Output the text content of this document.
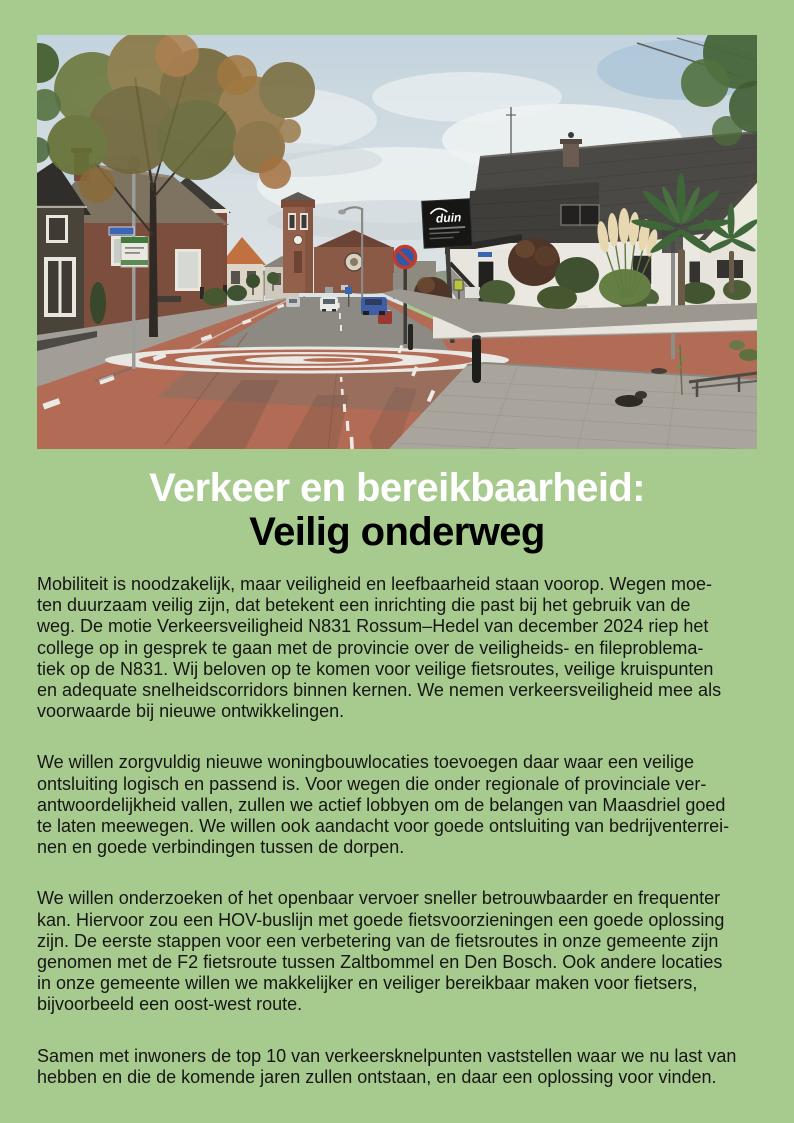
duin
Verkeer en bereikbaarheid:
Veilig onderweg

Mobiliteit is noodzakelijk, maar veiligheid en leefbaarheid staan voorop. Wegen moe-
ten duurzaam veilig zijn, dat betekent een inrichting die past bij het gebruik van de
weg. De motie Verkeersveiligheid N831 Rossum–Hedel van december 2024 riep het
college op in gesprek te gaan met de provincie over de veiligheids- en fileproblema-
tiek op de N831. Wij beloven op te komen voor veilige fietsroutes, veilige kruispunten
en adequate snelheidscorridors binnen kernen. We nemen verkeersveiligheid mee als
voorwaarde bij nieuwe ontwikkelingen.

We willen zorgvuldig nieuwe woningbouwlocaties toevoegen daar waar een veilige
ontsluiting logisch en passend is. Voor wegen die onder regionale of provinciale ver-
antwoordelijkheid vallen, zullen we actief lobbyen om de belangen van Maasdriel goed
te laten meewegen. We willen ook aandacht voor goede ontsluiting van bedrijventerrei-
nen en goede verbindingen tussen de dorpen.

We willen onderzoeken of het openbaar vervoer sneller betrouwbaarder en frequenter
kan. Hiervoor zou een HOV-buslijn met goede fietsvoorzieningen een goede oplossing
zijn. De eerste stappen voor een verbetering van de fietsroutes in onze gemeente zijn
genomen met de F2 fietsroute tussen Zaltbommel en Den Bosch. Ook andere locaties
in onze gemeente willen we makkelijker en veiliger bereikbaar maken voor fietsers,
bijvoorbeeld een oost-west route.

Samen met inwoners de top 10 van verkeersknelpunten vaststellen waar we nu last van
hebben en die de komende jaren zullen ontstaan, en daar een oplossing voor vinden.
